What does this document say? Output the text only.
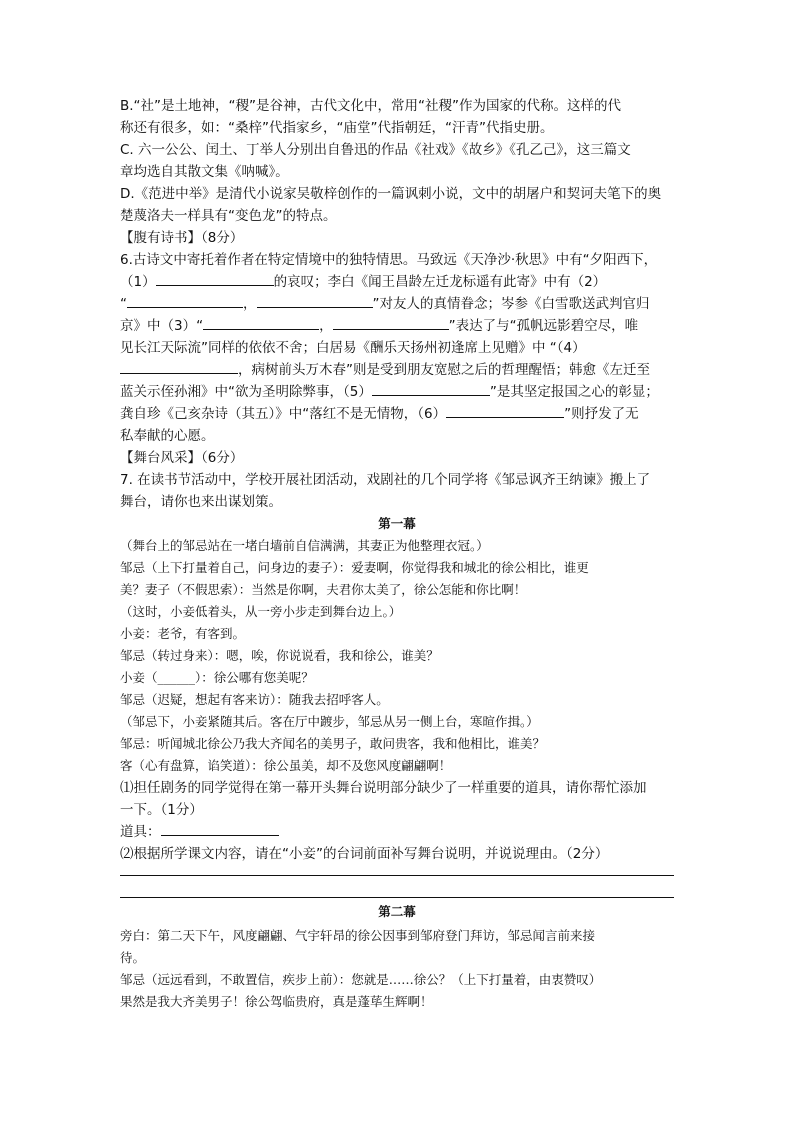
B.“社”是土地神，“稷”是谷神，古代文化中，常用“社稷”作为国家的代称。这样的代
称还有很多，如：“桑梓”代指家乡，“庙堂”代指朝廷，“汗青”代指史册。
C. 六一公公、闰土、丁举人分别出自鲁迅的作品《社戏》《故乡》《孔乙己》，这三篇文
章均选自其散文集《呐喊》。
D.《范进中举》是清代小说家吴敬梓创作的一篇讽刺小说，文中的胡屠户和契诃夫笔下的奥
楚蔑洛夫一样具有“变色龙”的特点。
【腹有诗书】（8分）
6.古诗文中寄托着作者在特定情境中的独特情思。马致远《天净沙·秋思》中有“夕阳西下，
（1）	的哀叹；李白《闻王昌龄左迁龙标遥有此寄》中有（2）
“	，	”对友人的真情眷念；岑参《白雪歌送武判官归
京》中（3）“	，	”表达了与“孤帆远影碧空尽，唯
见长江天际流”同样的依依不舍；白居易《酬乐天扬州初逢席上见赠》中 “（4）
，病树前头万木春”则是受到朋友宽慰之后的哲理醒悟；韩愈《左迁至
蓝关示侄孙湘》中“欲为圣明除弊事，（5）	”是其坚定报国之心的彰显；
龚自珍《己亥杂诗（其五）》中“落红不是无情物，（6）	”则抒发了无
私奉献的心愿。
【舞台风采】（6分）
7. 在读书节活动中，学校开展社团活动，戏剧社的几个同学将《邹忌讽齐王纳谏》搬上了
舞台，请你也来出谋划策。
第一幕
（舞台上的邹忌站在一堵白墙前自信满满，其妻正为他整理衣冠。）
邹忌（上下打量着自己，问身边的妻子）：爱妻啊，你觉得我和城北的徐公相比，谁更
美？妻子（不假思索）：当然是你啊，夫君你太美了，徐公怎能和你比啊！
（这时，小妾低着头，从一旁小步走到舞台边上。）
小妾：老爷，有客到。
邹忌（转过身来）：嗯，唉，你说说看，我和徐公，谁美？
小妾（______）：徐公哪有您美呢？
邹忌（迟疑，想起有客来访）：随我去招呼客人。
（邹忌下，小妾紧随其后。客在厅中踱步，邹忌从另一侧上台，寒暄作揖。）
邹忌：听闻城北徐公乃我大齐闻名的美男子，敢问贵客，我和他相比，谁美？
客（心有盘算，谄笑道）：徐公虽美，却不及您风度翩翩啊！
⑴担任剧务的同学觉得在第一幕开头舞台说明部分缺少了一样重要的道具，请你帮忙添加
一下。（1分）
道具：
⑵根据所学课文内容，请在“小妾”的台词前面补写舞台说明，并说说理由。（2分）
第二幕
旁白：第二天下午，风度翩翩、气宇轩昂的徐公因事到邹府登门拜访，邹忌闻言前来接
待。
邹忌（远远看到，不敢置信，疾步上前）：您就是……徐公？（上下打量着，由衷赞叹）
果然是我大齐美男子！徐公驾临贵府，真是蓬荜生辉啊！
